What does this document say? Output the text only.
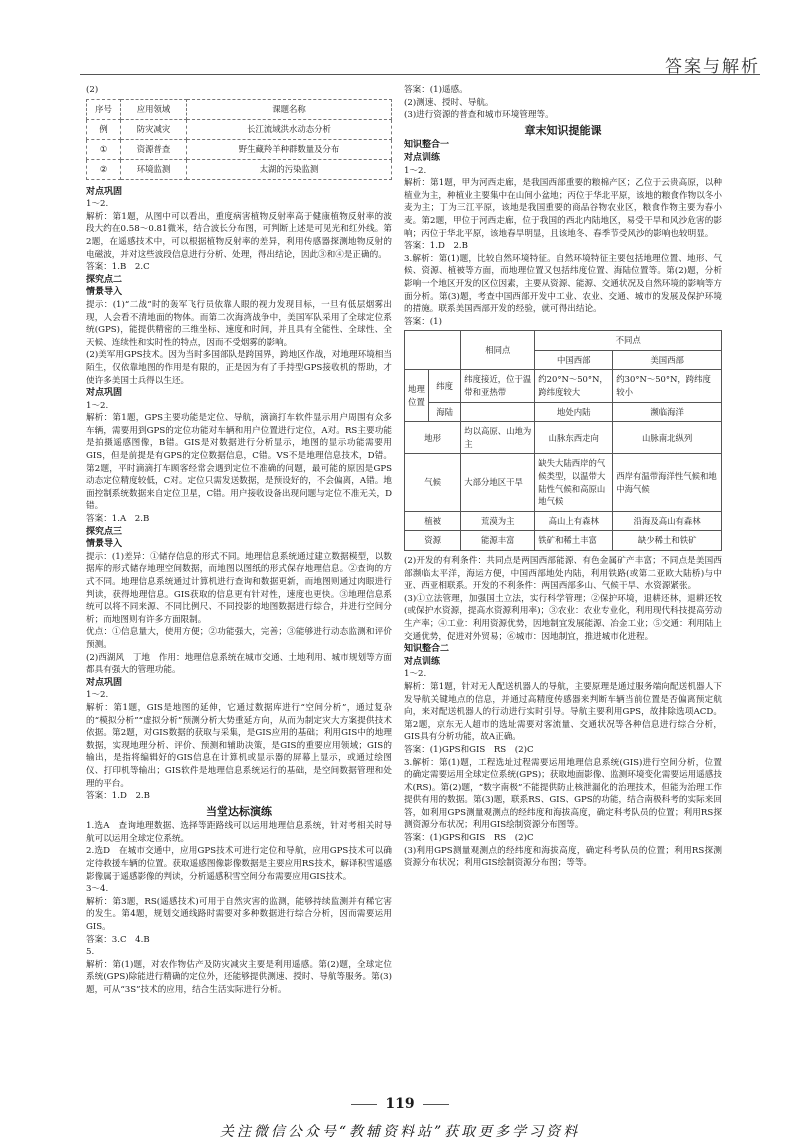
答案与解析
(2)
序号	应用领域	课题名称
例	防灾减灾	长江流域洪水动态分析
①	资源普查	野生藏羚羊种群数量及分布
②	环境监测	太湖的污染监测
对点巩固
1～2.
解析：第1题，从图中可以看出，重度病害植物反射率高于健康植物反射率的波段大约在0.58～0.81微米，结合波长分布图，可判断上述是可见光和红外线。第2题，在遥感技术中，可以根据植物反射率的差异，利用传感器探测地物反射的电磁波，并对这些波段信息进行分析、处理，得出结论，因此③和④是正确的。
答案：1.B　2.C
探究点二
情景导入
提示：(1)“二战”时的轰军飞行员依靠人眼的视力发现目标，一旦有低层烟雾出现，人会看不清地面的物体。而第二次海湾战争中，美国军队采用了全球定位系统(GPS)，能提供精密的三维坐标、速度和时间，并且具有全能性、全球性、全天候、连续性和实时性的特点，因而不受烟雾的影响。
(2)美军用GPS技术。因为当时多国部队是跨国界，跨地区作战，对地理环境相当陌生，仅依靠地图的作用是有限的，正是因为有了手持型GPS接收机的帮助，才使许多美国士兵得以生还。
对点巩固
1～2.
解析：第1题，GPS主要功能是定位、导航，滴滴打车软件显示用户周围有众多车辆，需要用到GPS的定位功能对车辆和用户位置进行定位，A对。RS主要功能是拍摄遥感图像，B错。GIS是对数据进行分析显示，地图的显示功能需要用GIS，但是前提是有GPS的定位数据信息，C错。VS不是地理信息技术，D错。第2题，平时滴滴打车顾客经常会遇到定位不准确的问题，最可能的原因是GPS动态定位精度较低，C对。定位只需发送数据，是预设好的，不会偏离，A错。地面控制系统数据来自定位卫星，C错。用户接收设备出现问题与定位不准无关，D错。
答案：1.A　2.B
探究点三
情景导入
提示：(1)差异：①储存信息的形式不同。地理信息系统通过建立数据模型，以数据库的形式储存地理空间数据，而地图以图纸的形式保存地理信息。②查询的方式不同。地理信息系统通过计算机进行查询和数据更新，而地图则通过肉眼进行判读，获得地理信息。GIS获取的信息更有针对性，速度也更快。③地理信息系统可以将不同来源、不同比例尺、不同投影的地图数据进行综合，并进行空间分析；而地图则有许多方面限制。
优点：①信息量大，使用方便；②功能强大，完善；③能够进行动态监测和评价预测。
(2)西湖风　丁地　作用：地理信息系统在城市交通、土地利用、城市规划等方面都具有强大的管理功能。
对点巩固
1～2.
解析：第1题，GIS是地图的延伸，它通过数据库进行“空间分析”，通过复杂的“模拟分析”“虚拟分析”预测分析大势重延方向，从而为制定灾大方案提供技术依据。第2题，对GIS数据的获取与采集，是GIS应用的基础；利用GIS中的地理数据，实现地理分析、评价、预测和辅助决策，是GIS的重要应用领域；GIS的输出，是指将编辑好的GIS信息在计算机或显示器的屏幕上显示，或通过绘图仪、打印机等输出；GIS软件是地理信息系统运行的基础，是空间数据管理和处理的平台。
答案：1.D　2.B
当堂达标演练
1.选A　查询地理数据、选择等距路线可以运用地理信息系统，针对考相关时导航可以运用全球定位系统。
2.选D　在城市交通中，应用GPS技术可进行定位和导航，应用GPS技术可以确定待救援车辆的位置。获取遥感图像影像数据是主要应用RS技术，解译积雪遥感影像属于遥感影像的判读，分析遥感积雪空间分布需要应用GIS技术。
3～4.
解析：第3题，RS(遥感技术)可用于自然灾害的监测，能够持续监测并有稀它害的发生。第4题，规划交通线路时需要对多种数据进行综合分析，因而需要运用GIS。
答案：3.C　4.B
5.
解析：第(1)题，对农作物估产及防灾减灾主要是利用遥感。第(2)题，全球定位系统(GPS)除能进行精确的定位外，还能够提供测速、授时、导航等服务。第(3)题，可从“3S”技术的应用，结合生活实际进行分析。
答案：(1)遥感。
(2)测速、授时、导航。
(3)进行资源的普查和城市环境管理等。
章末知识提能课
知识整合一
对点训练
1～2.
解析：第1题，甲为河西走廊，是我国西部重要的粮棉产区；乙位于云贵高原，以种植业为主，种植业主要集中在山间小盆地；丙位于华北平原，该地的粮食作物以冬小麦为主；丁为三江平原，该地是我国重要的商品谷物农业区，粮食作物主要为春小麦。第2题，甲位于河西走廊，位于我国的西北内陆地区，易受干旱和风沙危害的影响；丙位于华北平原，该地春旱明显，且该地冬、春季节受风沙的影响也较明显。
答案：1.D　2.B
3.解析：第(1)题，比较自然环境特征。自然环境特征主要包括地理位置、地形、气候、资源、植被等方面，而地理位置又包括纬度位置、海陆位置等。第(2)题，分析影响一个地区开发的区位因素，主要从资源、能源、交通状况及自然环境的影响等方面分析。第(3)题，考查中国西部开发中工业、农业、交通、城市的发展及保护环境的措施。联系美国西部开发的经验，就可得出结论。
答案：(1)
		相同点	不同点	
			中国西部	美国西部
地理位置	纬度	纬度接近，位于温带和亚热带	约20°N～50°N，跨纬度较大	约30°N～50°N，跨纬度较小
	海陆		地处内陆	濒临海洋
地形		均以高原、山地为主	山脉东西走向	山脉南北纵列
气候		大部分地区干旱	缺失大陆西岸的气候类型，以温带大陆性气候和高原山地气候	西岸有温带海洋性气候和地中海气候
植被		荒漠为主	高山上有森林	沿海及高山有森林
资源		能源丰富	铁矿和稀土丰富	缺少稀土和铁矿
(2)开发的有利条件：共同点是两国西部能源、有色金属矿产丰富；不同点是美国西部濒临太平洋，海运方便，中国西部地处内陆，利用铁路(或第二亚欧大陆桥)与中亚、西亚相联系。开发的不利条件：两国西部多山、气候干旱、水资源紧张。
(3)①立法管理，加强国土立法，实行科学管理；②保护环境，退耕还林，退耕还牧(或保护水资源，提高水资源利用率)；③农业：农业专业化，利用现代科技提高劳动生产率；④工业：利用资源优势，因地制宜发展能源、冶金工业；⑤交通：利用陆上交通优势，促进对外贸易；⑥城市：因地制宜，推进城市化进程。
知识整合二
对点训练
1～2.
解析：第1题，针对无人配送机器人的导航，主要原理是通过服务端向配送机器人下发导航关键地点的信息，并通过高精度传感器来判断车辆当前位置是否偏离预定航向，来对配送机器人的行动进行实时引导。导航主要利用GPS，故排除选项ACD。第2题，京东无人超市的选址需要对客流量、交通状况等各种信息进行综合分析，GIS具有分析功能，故A正确。
答案：(1)GPS和GIS　RS　(2)C
3.解析：第(1)题，工程选址过程需要运用地理信息系统(GIS)进行空间分析，位置的确定需要运用全球定位系统(GPS)；获取地面影像、监测环境变化需要运用遥感技术(RS)。第(2)题，“数字南极”不能提供防止核泄漏化的治理技术，但能为治理工作提供有用的数据。第(3)题，联系RS、GIS、GPS的功能，结合南极科考的实际来回答，如利用GPS测量观测点的经纬度和海拔高度，确定科考队员的位置；利用RS探测资源分布状况；利用GIS绘制资源分布图等。
答案：(1)GPS和GIS　RS　(2)C
(3)利用GPS测量观测点的经纬度和海拔高度，确定科考队员的位置；利用RS探测资源分布状况；利用GIS绘制资源分布图；等等。
119
关注微信公众号“教辅资料站”获取更多学习资料
